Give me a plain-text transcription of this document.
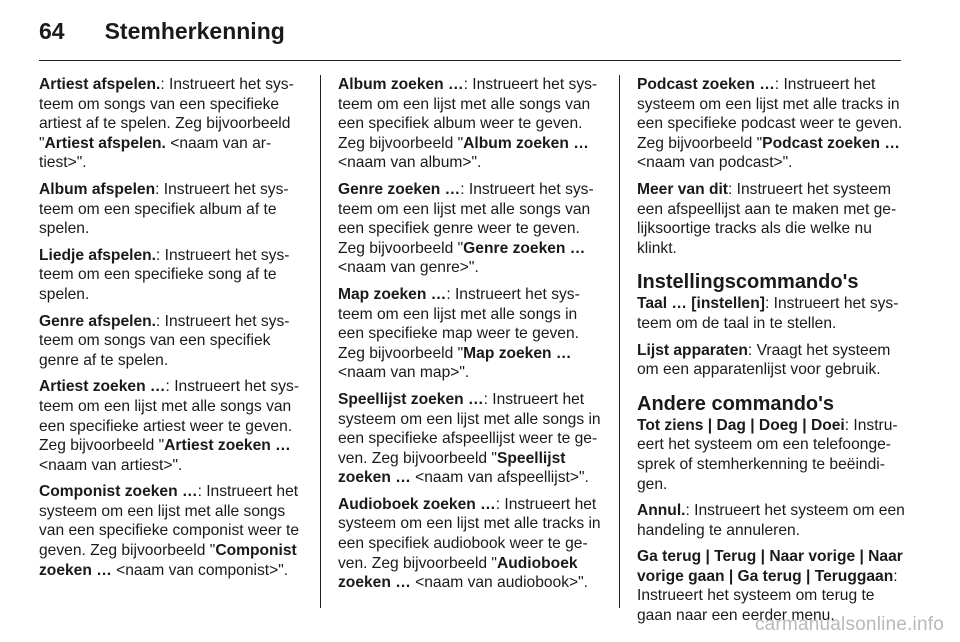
64 Stemherkenning
Artiest afspelen.: Instrueert het systeem om songs van een specifieke artiest af te spelen. Zeg bijvoorbeeld "Artiest afspelen. <naam van artiest>".
Album afspelen: Instrueert het systeem om een specifiek album af te spelen.
Liedje afspelen.: Instrueert het systeem om een specifieke song af te spelen.
Genre afspelen.: Instrueert het systeem om songs van een specifiek genre af te spelen.
Artiest zoeken …: Instrueert het systeem om een lijst met alle songs van een specifieke artiest weer te geven. Zeg bijvoorbeeld "Artiest zoeken … <naam van artiest>".
Componist zoeken …: Instrueert het systeem om een lijst met alle songs van een specifieke componist weer te geven. Zeg bijvoorbeeld "Componist zoeken … <naam van componist>".
Album zoeken …: Instrueert het systeem om een lijst met alle songs van een specifiek album weer te geven. Zeg bijvoorbeeld "Album zoeken … <naam van album>".
Genre zoeken …: Instrueert het systeem om een lijst met alle songs van een specifiek genre weer te geven. Zeg bijvoorbeeld "Genre zoeken … <naam van genre>".
Map zoeken …: Instrueert het systeem om een lijst met alle songs in een specifieke map weer te geven. Zeg bijvoorbeeld "Map zoeken … <naam van map>".
Speellijst zoeken …: Instrueert het systeem om een lijst met alle songs in een specifieke afspeellijst weer te geven. Zeg bijvoorbeeld "Speellijst zoeken … <naam van afspeellijst>".
Audioboek zoeken …: Instrueert het systeem om een lijst met alle tracks in een specifiek audiobook weer te geven. Zeg bijvoorbeeld "Audioboek zoeken … <naam van audiobook>".
Podcast zoeken …: Instrueert het systeem om een lijst met alle tracks in een specifieke podcast weer te geven. Zeg bijvoorbeeld "Podcast zoeken … <naam van podcast>".
Meer van dit: Instrueert het systeem een afspeellijst aan te maken met gelijksoortige tracks als die welke nu klinkt.
Instellingscommando's
Taal … [instellen]: Instrueert het systeem om de taal in te stellen.
Lijst apparaten: Vraagt het systeem om een apparatenlijst voor gebruik.
Andere commando's
Tot ziens | Dag | Doeg | Doei: Instrueert het systeem om een telefoongesprek of stemherkenning te beëindigen.
Annul.: Instrueert het systeem om een handeling te annuleren.
Ga terug | Terug | Naar vorige | Naar vorige gaan | Ga terug | Teruggaan: Instrueert het systeem om terug te gaan naar een eerder menu.
carmanualsonline.info
